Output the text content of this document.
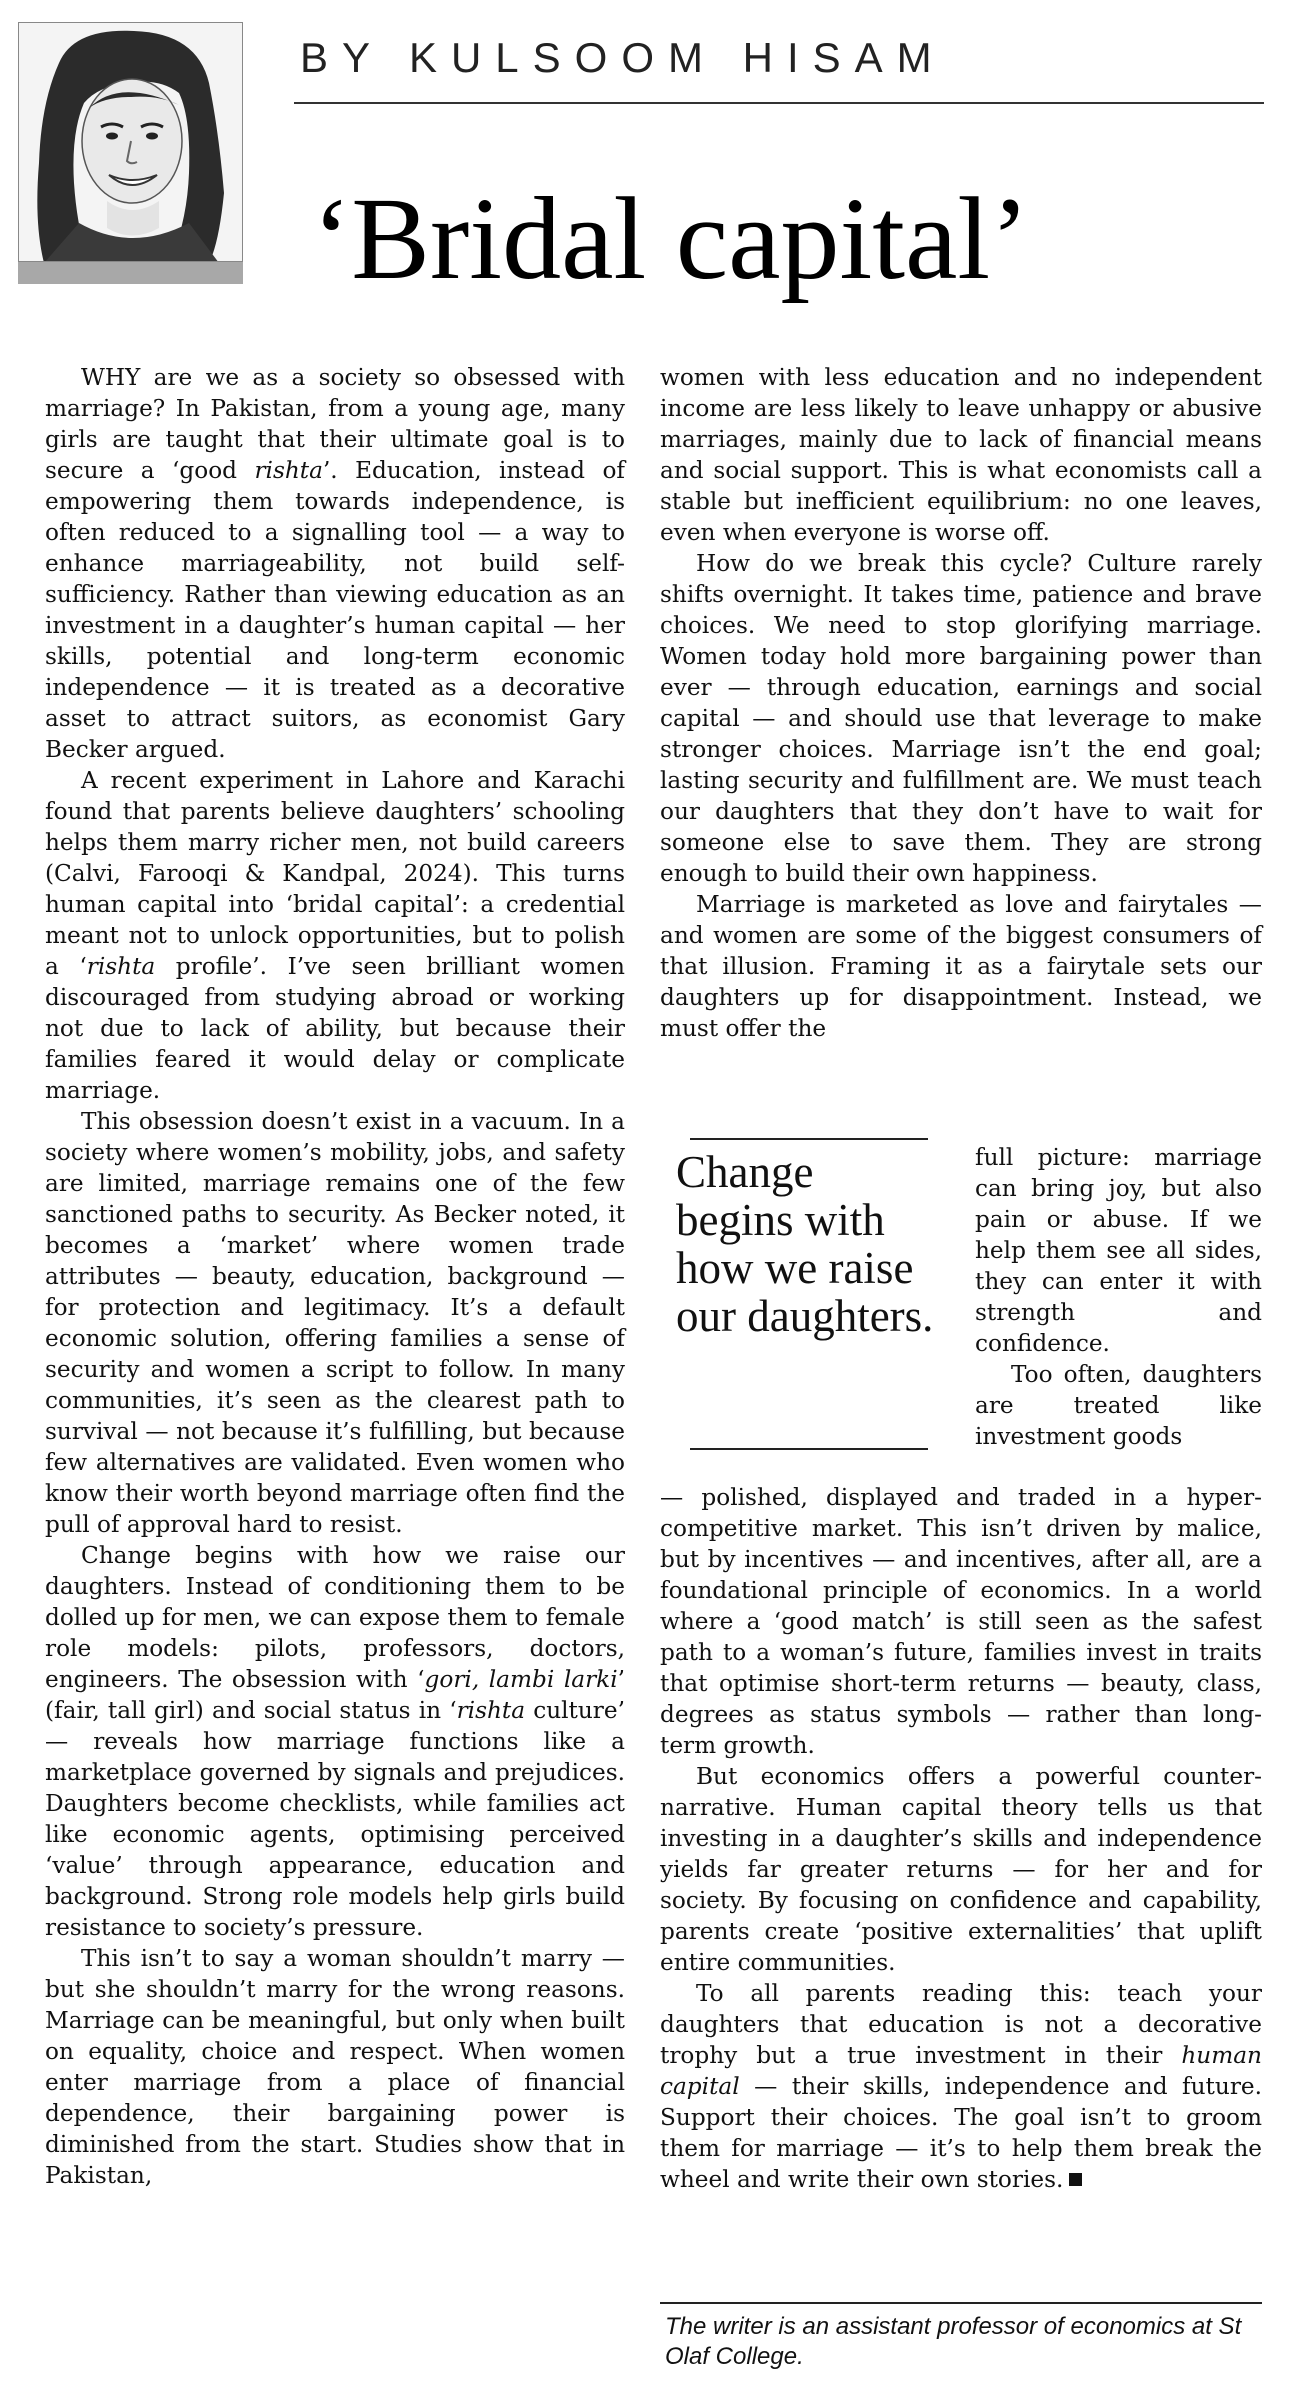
BY KULSOOM HISAM
‘Bridal capital’

WHY are we as a society so obsessed with marriage? In Pakistan, from a young age, many girls are taught that their ultimate goal is to secure a ‘good rishta’. Education, instead of empowering them towards independence, is often reduced to a signalling tool — a way to enhance marriageability, not build self-sufficiency. Rather than viewing education as an investment in a daughter’s human capital — her skills, potential and long-term economic independence — it is treated as a decorative asset to attract suitors, as economist Gary Becker argued.

A recent experiment in Lahore and Karachi found that parents believe daughters’ schooling helps them marry richer men, not build careers (Calvi, Farooqi & Kandpal, 2024). This turns human capital into ‘bridal capital’: a credential meant not to unlock opportunities, but to polish a ‘rishta profile’. I’ve seen brilliant women discouraged from studying abroad or working not due to lack of ability, but because their families feared it would delay or complicate marriage.

This obsession doesn’t exist in a vacuum. In a society where women’s mobility, jobs, and safety are limited, marriage remains one of the few sanctioned paths to security. As Becker noted, it becomes a ‘market’ where women trade attributes — beauty, education, background — for protection and legitimacy. It’s a default economic solution, offering families a sense of security and women a script to follow. In many communities, it’s seen as the clearest path to survival — not because it’s fulfilling, but because few alternatives are validated. Even women who know their worth beyond marriage often find the pull of approval hard to resist.

Change begins with how we raise our daughters. Instead of conditioning them to be dolled up for men, we can expose them to female role models: pilots, professors, doctors, engineers. The obsession with ‘gori, lambi larki’ (fair, tall girl) and social status in ‘rishta culture’ — reveals how marriage functions like a marketplace governed by signals and prejudices. Daughters become checklists, while families act like economic agents, optimising perceived ‘value’ through appearance, education and background. Strong role models help girls build resistance to society’s pressure.

This isn’t to say a woman shouldn’t marry — but she shouldn’t marry for the wrong reasons. Marriage can be meaningful, but only when built on equality, choice and respect. When women enter marriage from a place of financial dependence, their bargaining power is diminished from the start. Studies show that in Pakistan,

women with less education and no independent income are less likely to leave unhappy or abusive marriages, mainly due to lack of financial means and social support. This is what economists call a stable but inefficient equilibrium: no one leaves, even when everyone is worse off.

How do we break this cycle? Culture rarely shifts overnight. It takes time, patience and brave choices. We need to stop glorifying marriage. Women today hold more bargaining power than ever — through education, earnings and social capital — and should use that leverage to make stronger choices. Marriage isn’t the end goal; lasting security and fulfillment are. We must teach our daughters that they don’t have to wait for someone else to save them. They are strong enough to build their own happiness.

Marriage is marketed as love and fairytales — and women are some of the biggest consumers of that illusion. Framing it as a fairytale sets our daughters up for disappointment. Instead, we must offer the

Change begins with how we raise our daughters.

full picture: marriage can bring joy, but also pain or abuse. If we help them see all sides, they can enter it with strength and confidence.

Too often, daughters are treated like investment goods

— polished, displayed and traded in a hyper-competitive market. This isn’t driven by malice, but by incentives — and incentives, after all, are a foundational principle of economics. In a world where a ‘good match’ is still seen as the safest path to a woman’s future, families invest in traits that optimise short-term returns — beauty, class, degrees as status symbols — rather than long-term growth.

But economics offers a powerful counter-narrative. Human capital theory tells us that investing in a daughter’s skills and independence yields far greater returns — for her and for society. By focusing on confidence and capability, parents create ‘positive externalities’ that uplift entire communities.

To all parents reading this: teach your daughters that education is not a decorative trophy but a true investment in their human capital — their skills, independence and future. Support their choices. The goal isn’t to groom them for marriage — it’s to help them break the wheel and write their own stories.

The writer is an assistant professor of economics at St Olaf College.
